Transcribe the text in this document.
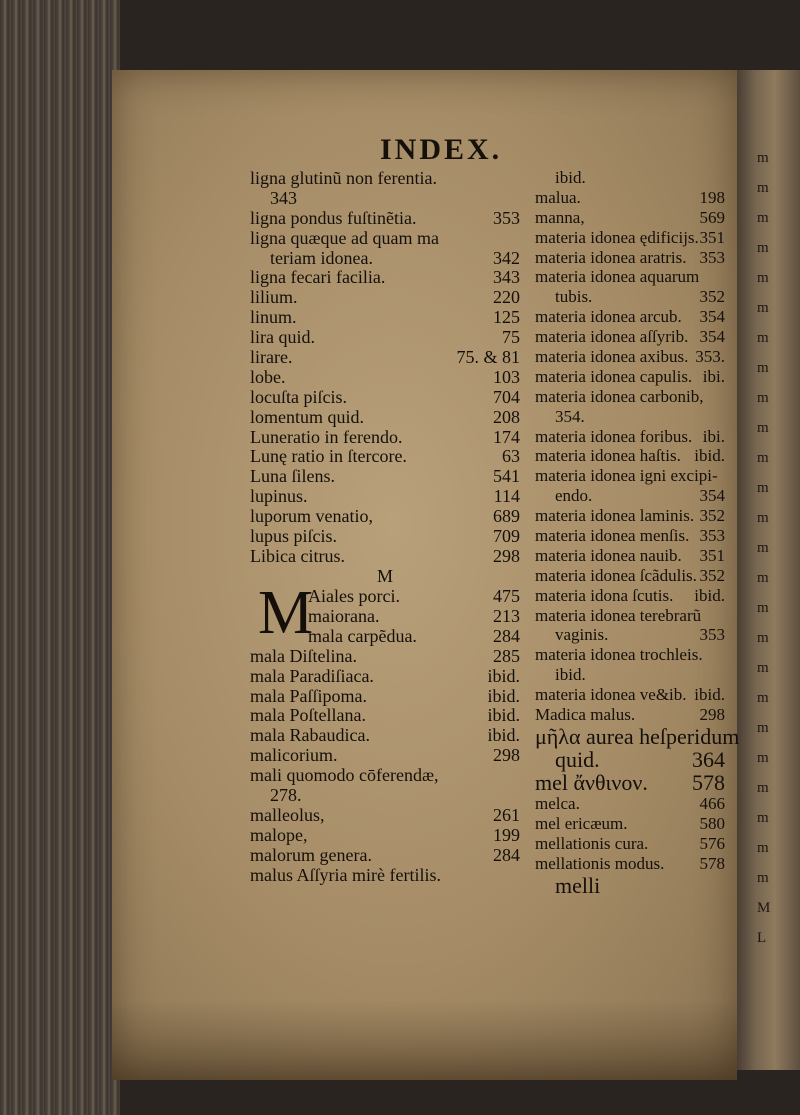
m
m
m
m
m
m
m
m
m
m
m
m
m
m
m
m
m
m
m
m
m
m
m
m
m
M
L
INDEX.
ligna glutinũ non ferentia.
343
ligna pondus fuſtinẽtia.	353
ligna quæque ad quam ma
teriam idonea.	342
ligna fecari facilia.	343
lilium.	220
linum.	125
lira quid.	75
lirare.	75. & 81
lobe.	103
locuſta piſcis.	704
lomentum quid.	208
Luneratio in ferendo.	174
Lunę ratio in ſtercore.	63
Luna ſilens.	541
lupinus.	114
luporum venatio,	689
lupus piſcis.	709
Libica citrus.	298
M
M
Aiales porci.	475
maiorana.	213
mala carpẽdua.	284
mala Diſtelina.	285
mala Paradiſiaca.	ibid.
mala Paſſipoma.	ibid.
mala Poſtellana.	ibid.
mala Rabaudica.	ibid.
malicorium.	298
mali quomodo cōferendæ,
278.
malleolus,	261
malope,	199
malorum genera.	284
malus Aſſyria mirè fertilis.
ibid.
malua.	198
manna,	569
materia idonea ędificijs. 351
materia idonea aratris. 353
materia idonea aquarum
tubis.	352
materia idonea arcub. 354
materia idonea aſſyrib. 354
materia idonea axibus. 353.
materia idonea capulis. ibi.
materia idonea carbonib,
354.
materia idonea foribus. ibi.
materia idonea haſtis. ibid.
materia idonea igni excipi-
endo.	354
materia idonea laminis. 352
materia idonea menſis. 353
materia idonea nauib. 351
materia idonea ſcãdulis. 352
materia idona ſcutis. ibid.
materia idonea terebrarũ
vaginis.	353
materia idonea trochleis.
ibid.
materia idonea ve&ib. ibid.
Madica malus.	298
μῆλα aurea heſperidum
quid.	364
mel ἄνθινον. 578
melca.	466
mel ericæum.	580
mellationis cura.	576
mellationis modus. 578
melli
